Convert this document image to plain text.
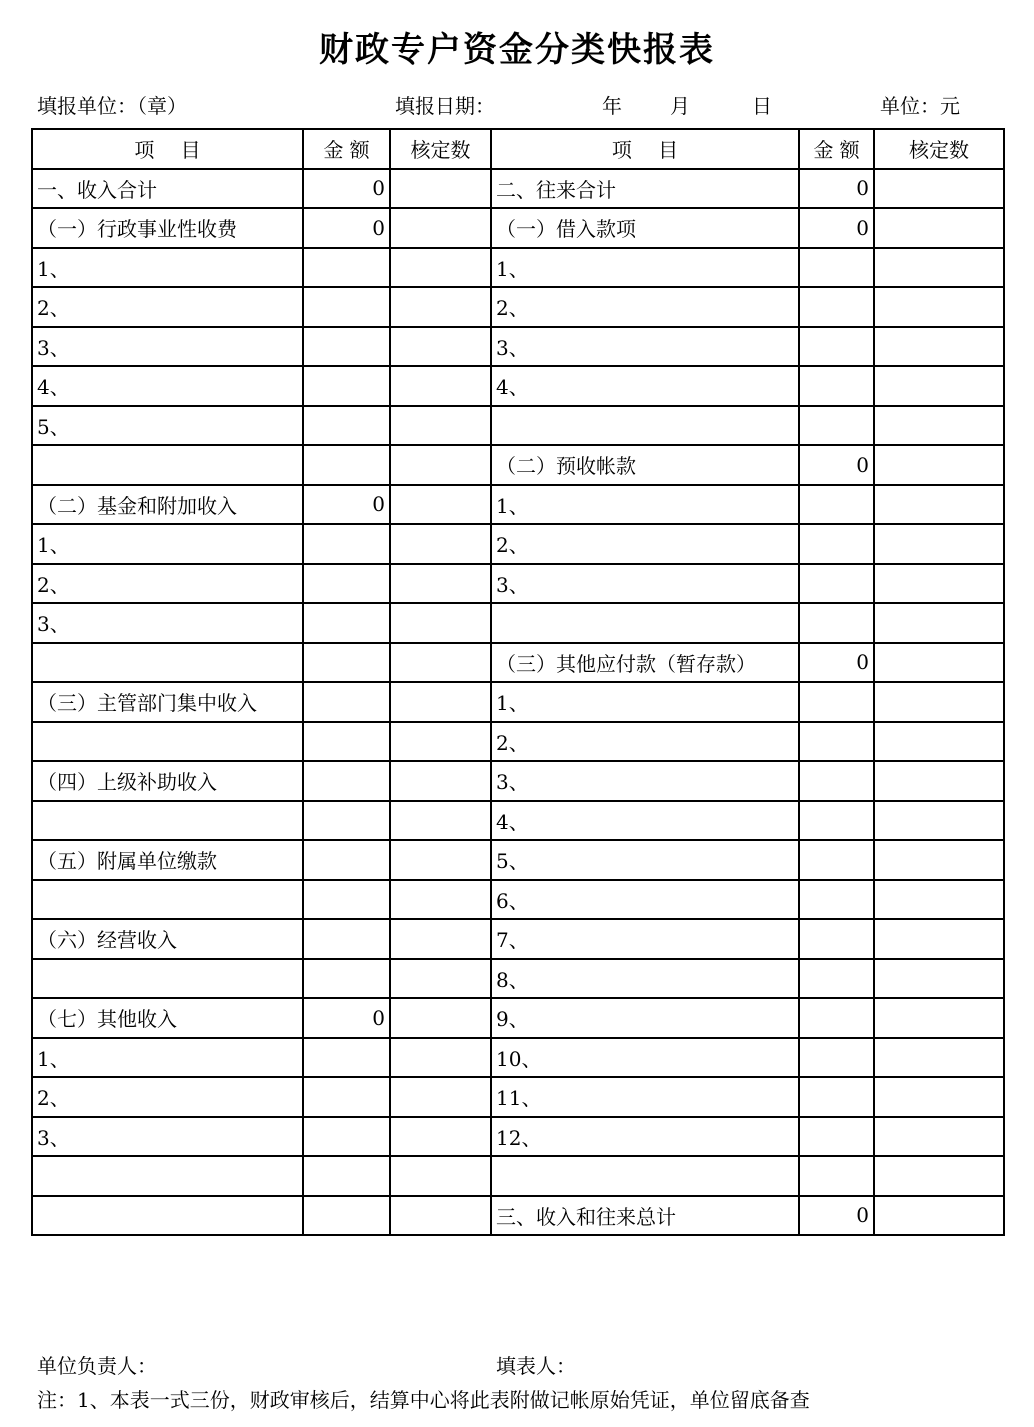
财政专户资金分类快报表
填报单位：（章）	填报日期：	年 月	日	单位：元
项　 目	金 额	核定数	项　 目	金 额	核定数
一、收入合计	0		二、往来合计	0	
（一）行政事业性收费	0		（一）借入款项	0	
1、			1、		
2、			2、		
3、			3、		
4、			4、		
5、					
			（二）预收帐款	0	
（二）基金和附加收入	0		1、		
1、			2、		
2、			3、		
3、					
			（三）其他应付款（暂存款）	0	
（三）主管部门集中收入			1、		
			2、		
（四）上级补助收入			3、		
			4、		
（五）附属单位缴款			5、		
			6、		
（六）经营收入			7、		
			8、		
（七）其他收入	0		9、		
1、			10、		
2、			11、		
3、			12、		

			三、收入和往来总计	0	
单位负责人：	填表人：
注：1、本表一式三份，财政审核后，结算中心将此表附做记帐原始凭证，单位留底备查
